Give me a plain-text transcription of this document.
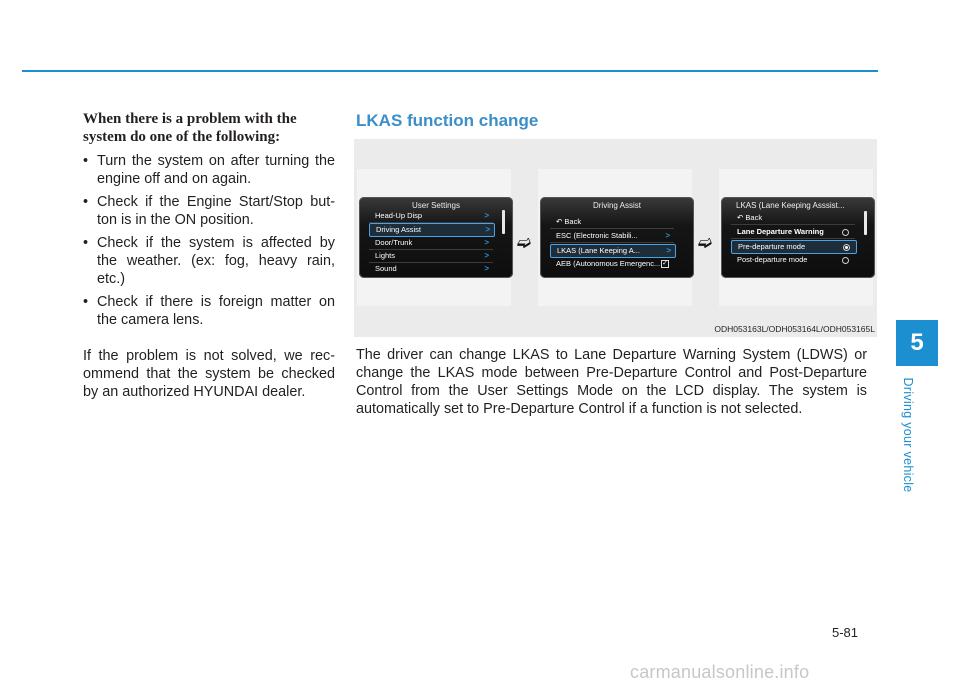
When there is a problem with the system do one of the following:

• Turn the system on after turning the engine off and on again.
• Check if the Engine Start/Stop but-ton is in the ON position.
• Check if the system is affected by the weather. (ex: fog, heavy rain, etc.)
• Check if there is foreign matter on the camera lens.

If the problem is not solved, we rec-ommend that the system be checked by an authorized HYUNDAI dealer.

LKAS function change
User Settings
Head-Up Disp	>
Driving Assist	>
Door/Trunk	>
Lights	>
Sound	>
➫
Driving Assist
↶ Back
ESC (Electronic Stabili...	>
LKAS (Lane Keeping A...	>
AEB (Autonomous Emergenc... ✓
➫
LKAS (Lane Keeping Asssist...
↶ Back
Lane Departure Warning
Pre-departure mode
Post-departure mode
ODH053163L/ODH053164L/ODH053165L
The driver can change LKAS to Lane Departure Warning System (LDWS) or change the LKAS mode between Pre-Departure Control and Post-Departure Control from the User Settings Mode on the LCD display. The system is automatically set to Pre-Departure Control if a function is not selected.
5
Driving your vehicle
5-81
carmanualsonline.info
